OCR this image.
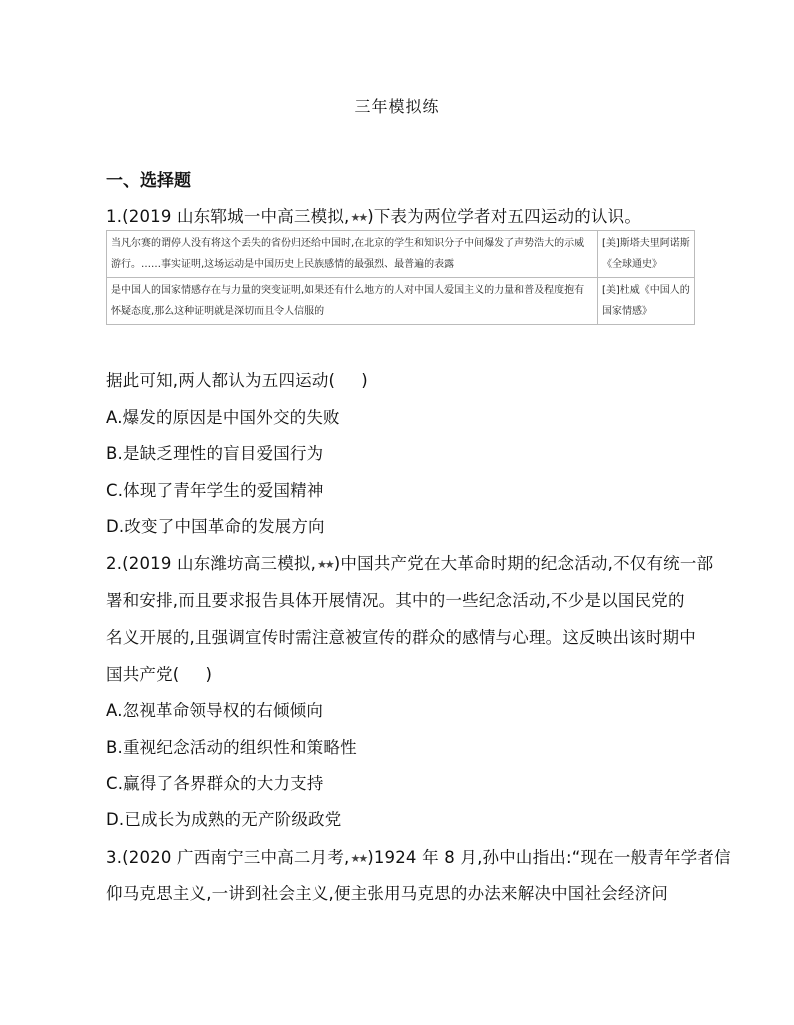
三年模拟练
一、选择题
1.(2019 山东郓城一中高三模拟,★★)下表为两位学者对五四运动的认识。
当凡尔赛的谓停人没有将这个丢失的省份归还给中国时,在北京的学生和知识分子中间爆发了声势浩大的示威游行。……事实证明,这场运动是中国历史上民族感情的最强烈、最普遍的表露	[美]斯塔夫里阿诺斯《全球通史》
是中国人的国家情感存在与力量的突变证明,如果还有什么地方的人对中国人爱国主义的力量和普及程度抱有怀疑态度,那么这种证明就是深切而且令人信服的	[美]杜威《中国人的国家情感》
据此可知,两人都认为五四运动( )
A.爆发的原因是中国外交的失败
B.是缺乏理性的盲目爱国行为
C.体现了青年学生的爱国精神
D.改变了中国革命的发展方向
2.(2019 山东潍坊高三模拟,★★)中国共产党在大革命时期的纪念活动,不仅有统一部
署和安排,而且要求报告具体开展情况。其中的一些纪念活动,不少是以国民党的
名义开展的,且强调宣传时需注意被宣传的群众的感情与心理。这反映出该时期中
国共产党( )
A.忽视革命领导权的右倾倾向
B.重视纪念活动的组织性和策略性
C.赢得了各界群众的大力支持
D.已成长为成熟的无产阶级政党
3.(2020 广西南宁三中高二月考,★★)1924 年 8 月,孙中山指出:“现在一般青年学者信
仰马克思主义,一讲到社会主义,便主张用马克思的办法来解决中国社会经济问
